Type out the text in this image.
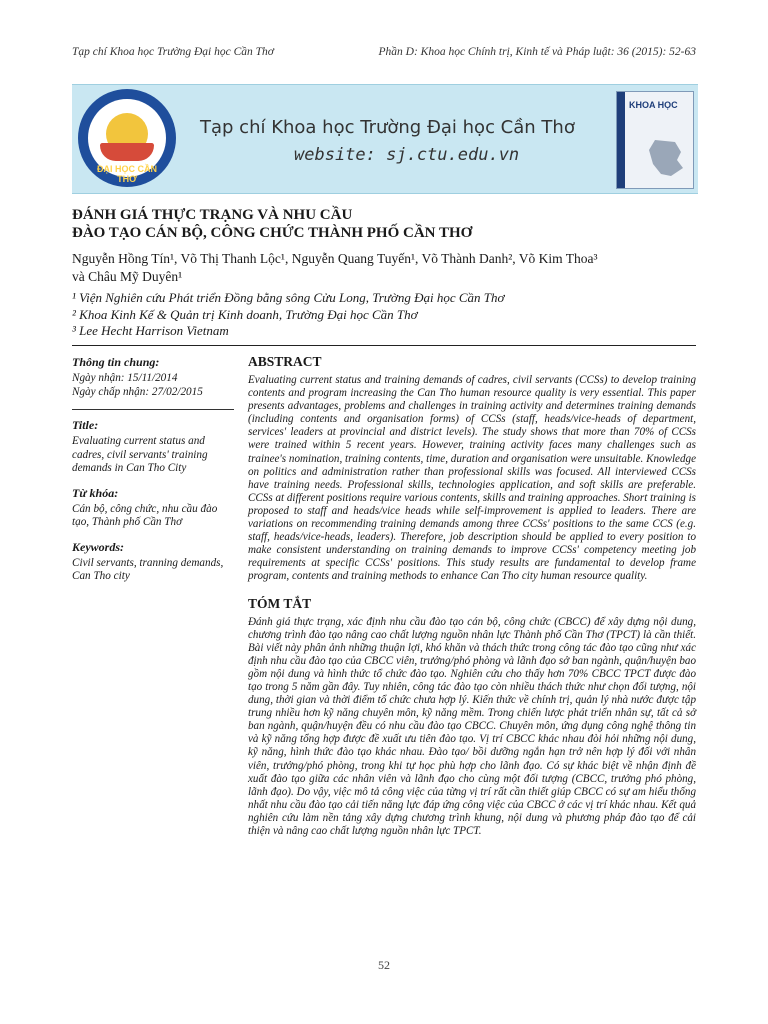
Tạp chí Khoa học Trường Đại học Cần Thơ	Phần D: Khoa học Chính trị, Kinh tế và Pháp luật: 36 (2015): 52-63
ĐẠI HỌC CẦN THƠ
Tạp chí Khoa học Trường Đại học Cần Thơ
website: sj.ctu.edu.vn
KHOA HỌC
ĐÁNH GIÁ THỰC TRẠNG VÀ NHU CẦU
ĐÀO TẠO CÁN BỘ, CÔNG CHỨC THÀNH PHỐ CẦN THƠ
Nguyễn Hồng Tín¹, Võ Thị Thanh Lộc¹, Nguyễn Quang Tuyến¹, Võ Thành Danh², Võ Kim Thoa³
và Châu Mỹ Duyên¹
¹ Viện Nghiên cứu Phát triển Đồng bằng sông Cửu Long, Trường Đại học Cần Thơ
² Khoa Kinh Kế & Quản trị Kinh doanh, Trường Đại học Cần Thơ
³ Lee Hecht Harrison Vietnam
Thông tin chung:
Ngày nhận: 15/11/2014
Ngày chấp nhận: 27/02/2015
Title:
Evaluating current status and cadres, civil servants' training demands in Can Tho City
Từ khóa:
Cán bộ, công chức, nhu cầu đào tạo, Thành phố Cần Thơ
Keywords:
Civil servants, tranning demands, Can Tho city
ABSTRACT

Evaluating current status and training demands of cadres, civil servants (CCSs) to develop training contents and program increasing the Can Tho human resource quality is very essential. This paper presents advantages, problems and challenges in training activity and determines training demands (including contents and organisation forms) of CCSs (staff, heads/vice-heads of department, services' leaders at provincial and district levels). The study shows that more than 70% of CCSs were trained within 5 recent years. However, training activity faces many challenges such as trainee's nomination, training contents, time, duration and organisation were unsuitable. Knowledge on politics and administration rather than professional skills was focused. All interviewed CCSs have training needs. Professional skills, technologies application, and soft skills are preferable. CCSs at different positions require various contents, skills and training approaches. Short training is proposed to staff and heads/vice heads while self-improvement is applied to leaders. There are variations on recommending training demands among three CCSs' positions to the same CCS (e.g. staff, heads/vice-heads, leaders). Therefore, job description should be applied to every position to make consistent understanding on training demands to improve CCSs' competency meeting job requirements at specific CCSs' positions. This study results are fundamental to develop frame program, contents and training methods to enhance Can Tho city human resource quality.

TÓM TẮT

Đánh giá thực trạng, xác định nhu cầu đào tạo cán bộ, công chức (CBCC) để xây dựng nội dung, chương trình đào tạo nâng cao chất lượng nguồn nhân lực Thành phố Cần Thơ (TPCT) là cần thiết. Bài viết này phân ảnh những thuận lợi, khó khăn và thách thức trong công tác đào tạo cũng như xác định nhu cầu đào tạo của CBCC viên, trưởng/phó phòng và lãnh đạo sở ban ngành, quận/huyện bao gồm nội dung và hình thức tổ chức đào tạo. Nghiên cứu cho thấy hơn 70% CBCC TPCT được đào tạo trong 5 năm gần đây. Tuy nhiên, công tác đào tạo còn nhiều thách thức như chọn đối tượng, nội dung, thời gian và thời điểm tổ chức chưa hợp lý. Kiến thức về chính trị, quản lý nhà nước được tập trung nhiều hơn kỹ năng chuyên môn, kỹ năng mềm. Trong chiến lược phát triển nhân sự, tất cả sở ban ngành, quận/huyện đều có nhu cầu đào tạo CBCC. Chuyên môn, ứng dụng công nghệ thông tin và kỹ năng tổng hợp được đề xuất ưu tiên đào tạo. Vị trí CBCC khác nhau đòi hỏi những nội dung, kỹ năng, hình thức đào tạo khác nhau. Đào tạo/ bồi dưỡng ngắn hạn trở nên hợp lý đối với nhân viên, trưởng/phó phòng, trong khi tự học phù hợp cho lãnh đạo. Có sự khác biệt về nhận định đề xuất đào tạo giữa các nhân viên và lãnh đạo cho cùng một đối tượng (CBCC, trưởng phó phòng, lãnh đạo). Do vậy, việc mô tả công việc của từng vị trí rất cần thiết giúp CBCC có sự am hiểu thống nhất nhu cầu đào tạo cải tiến năng lực đáp ứng công việc của CBCC ở các vị trí khác nhau. Kết quả nghiên cứu làm nền tảng xây dựng chương trình khung, nội dung và phương pháp đào tạo để cải thiện và nâng cao chất lượng nguồn nhân lực TPCT.

52
